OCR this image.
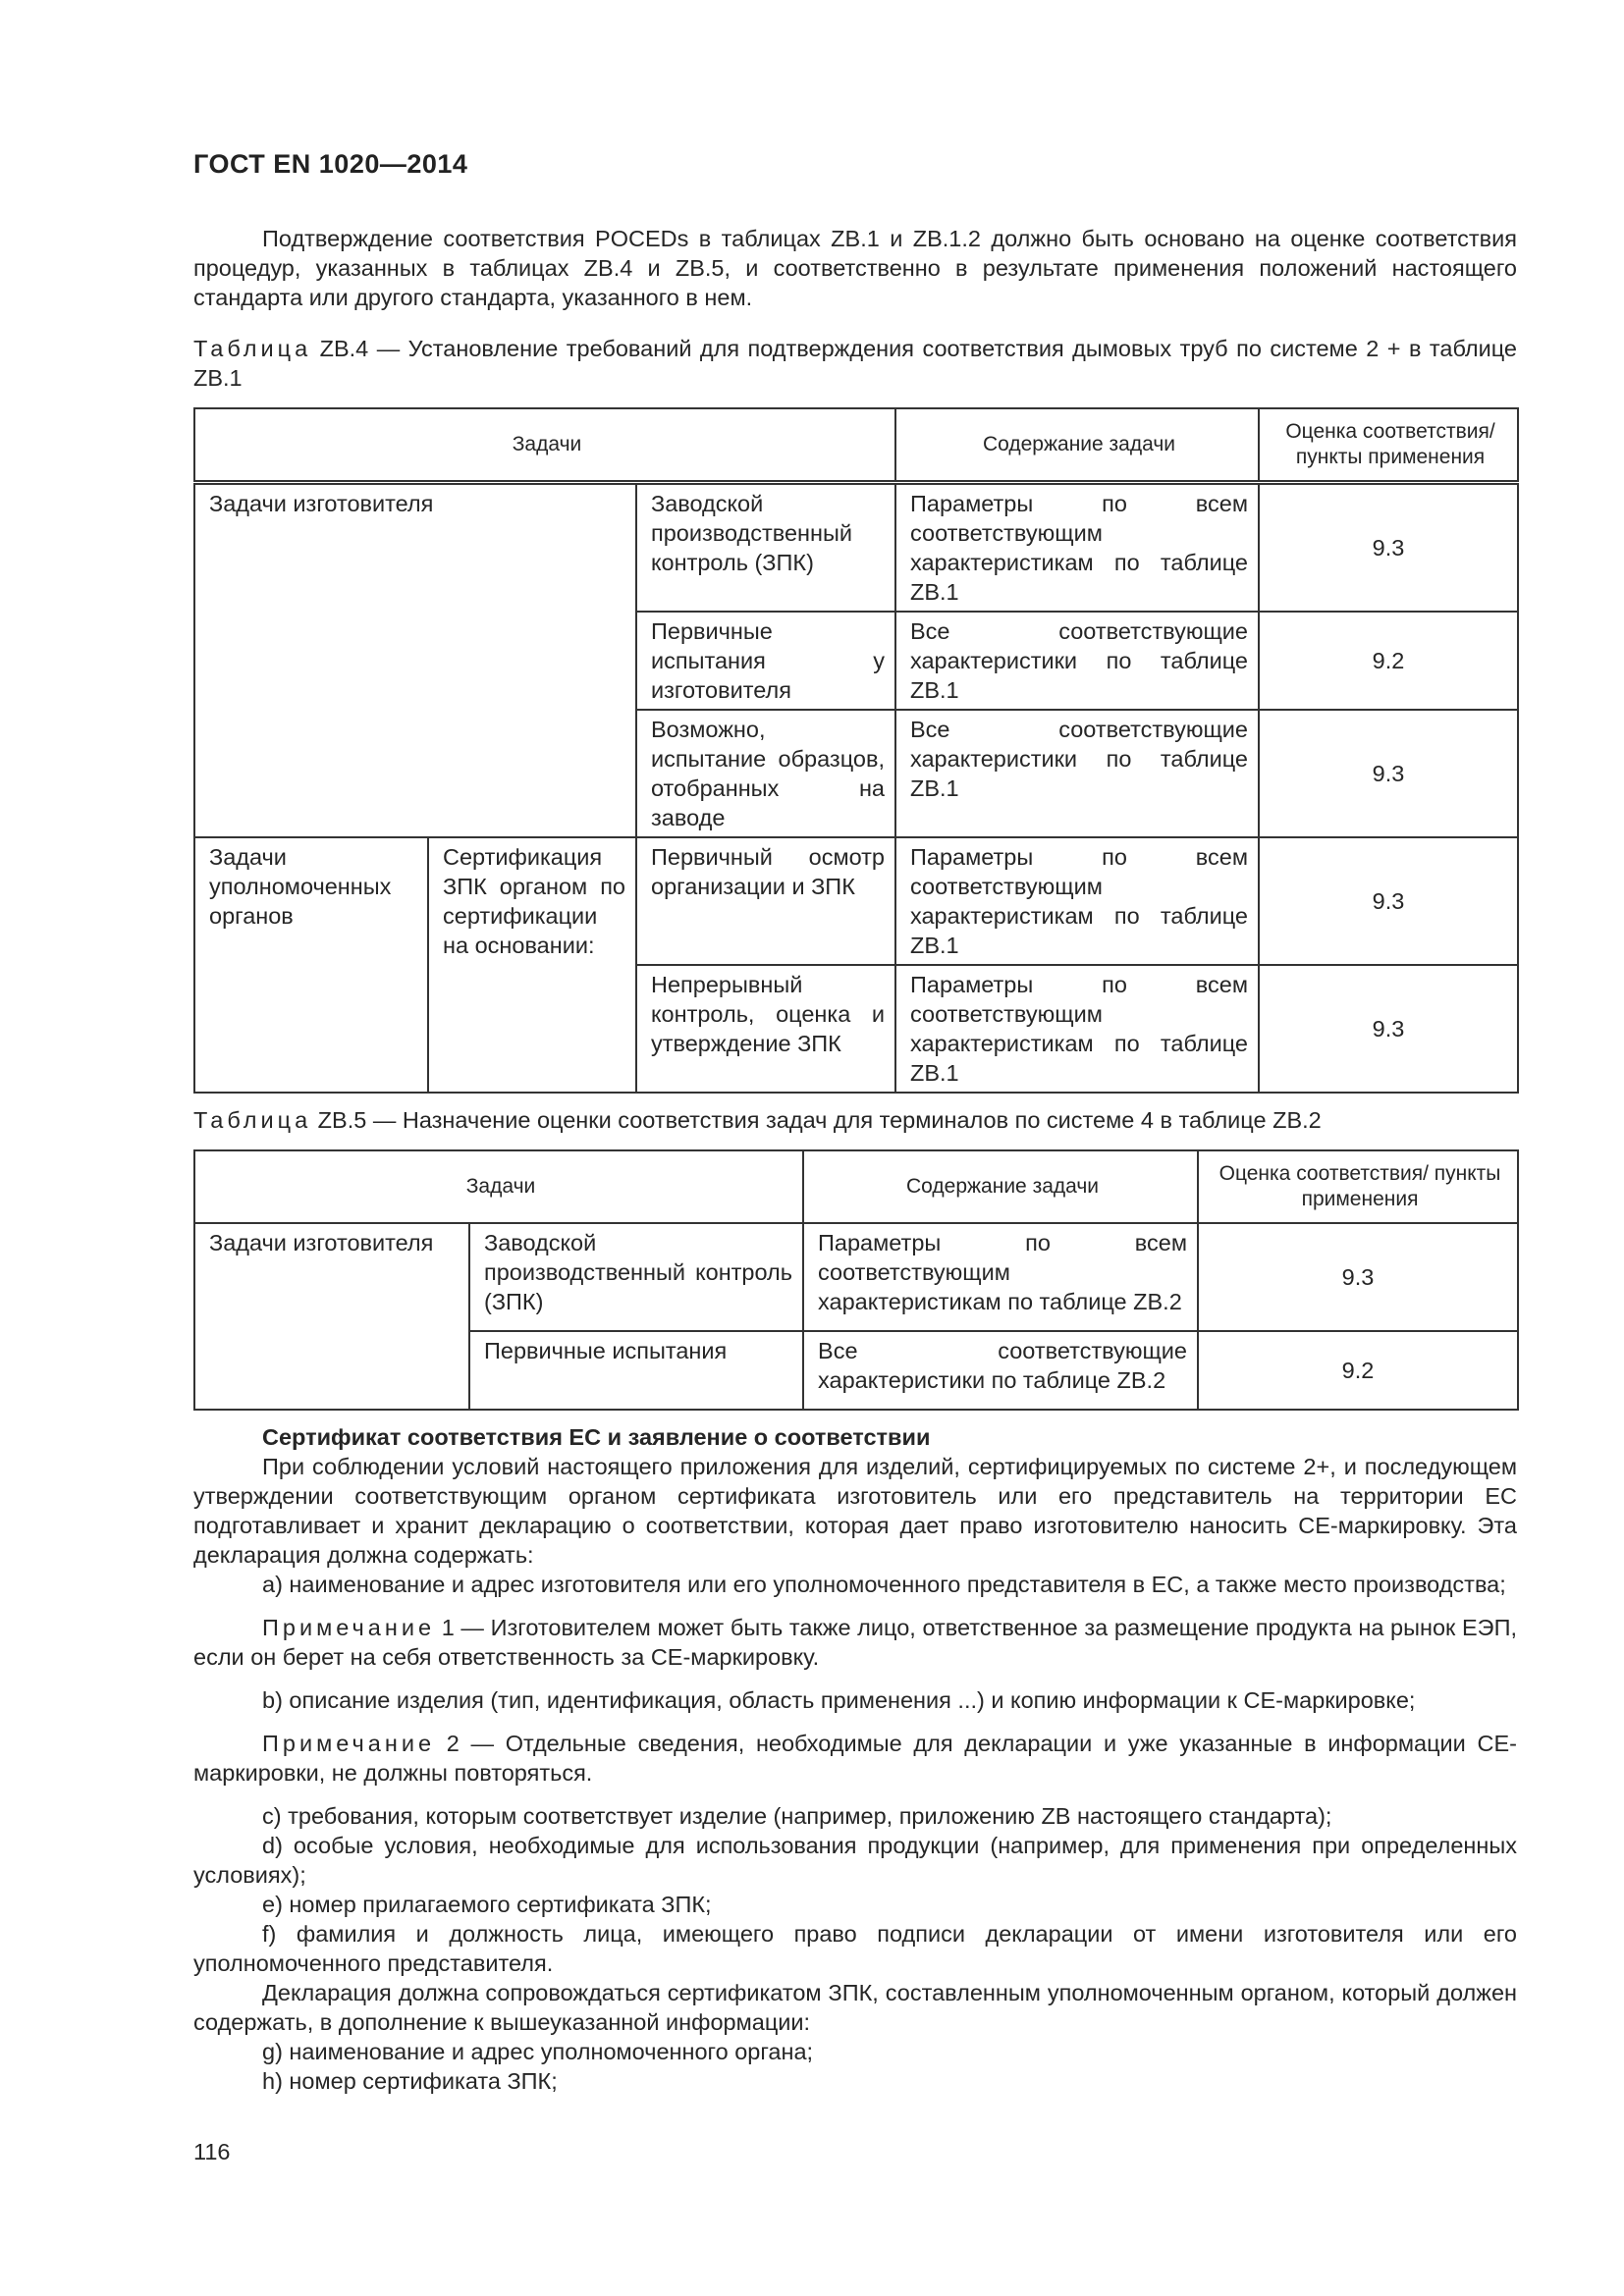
ГОСТ EN 1020—2014

Подтверждение соответствия POCEDs в таблицах ZB.1 и ZB.1.2 должно быть основано на оценке соответствия процедур, указанных в таблицах ZB.4 и ZB.5, и соответственно в результате применения положений настоящего стандарта или другого стандарта, указанного в нем.

Таблица ZB.4 — Установление требований для подтверждения соответствия дымовых труб по системе 2 + в таблице ZB.1

Задачи			Содержание задачи	Оценка соответствия/ пункты применения
Задачи изготовителя		Заводской производственный контроль (ЗПК)	Параметры по всем соответствующим характеристикам по таблице ZB.1	9.3
		Первичные испытания у изготовителя	Все соответствующие характеристики по таблице ZB.1	9.2
		Возможно, испытание образцов, отобранных на заводе	Все соответствующие характеристики по таблице ZB.1	9.3
Задачи уполномоченных органов	Сертификация ЗПК органом по сертификации на основании:	Первичный осмотр организации и ЗПК	Параметры по всем соответствующим характеристикам по таблице ZB.1	9.3
		Непрерывный контроль, оценка и утверждение ЗПК	Параметры по всем соответствующим характеристикам по таблице ZB.1	9.3

Таблица ZB.5 — Назначение оценки соответствия задач для терминалов по системе 4 в таблице ZB.2

Задачи		Содержание задачи	Оценка соответствия/ пункты применения
Задачи изготовителя	Заводской производственный контроль (ЗПК)	Параметры по всем соответствующим характеристикам по таблице ZB.2	9.3
	Первичные испытания	Все соответствующие характеристики по таблице ZB.2	9.2

Сертификат соответствия ЕС и заявление о соответствии

При соблюдении условий настоящего приложения для изделий, сертифицируемых по системе 2+, и последующем утверждении соответствующим органом сертификата изготовитель или его представитель на территории ЕС подготавливает и хранит декларацию о соответствии, которая дает право изготовителю наносить СЕ-маркировку. Эта декларация должна содержать:

а) наименование и адрес изготовителя или его уполномоченного представителя в ЕС, а также место производства;

Примечание 1 — Изготовителем может быть также лицо, ответственное за размещение продукта на рынок ЕЭП, если он берет на себя ответственность за СЕ-маркировку.

b) описание изделия (тип, идентификация, область применения ...) и копию информации к СЕ-маркировке;

Примечание 2 — Отдельные сведения, необходимые для декларации и уже указанные в информации СЕ-маркировки, не должны повторяться.

c) требования, которым соответствует изделие (например, приложению ZB настоящего стандарта);

d) особые условия, необходимые для использования продукции (например, для применения при определенных условиях);

e) номер прилагаемого сертификата ЗПК;

f) фамилия и должность лица, имеющего право подписи декларации от имени изготовителя или его уполномоченного представителя.

Декларация должна сопровождаться сертификатом ЗПК, составленным уполномоченным органом, который должен содержать, в дополнение к вышеуказанной информации:

g) наименование и адрес уполномоченного органа;

h) номер сертификата ЗПК;

116
